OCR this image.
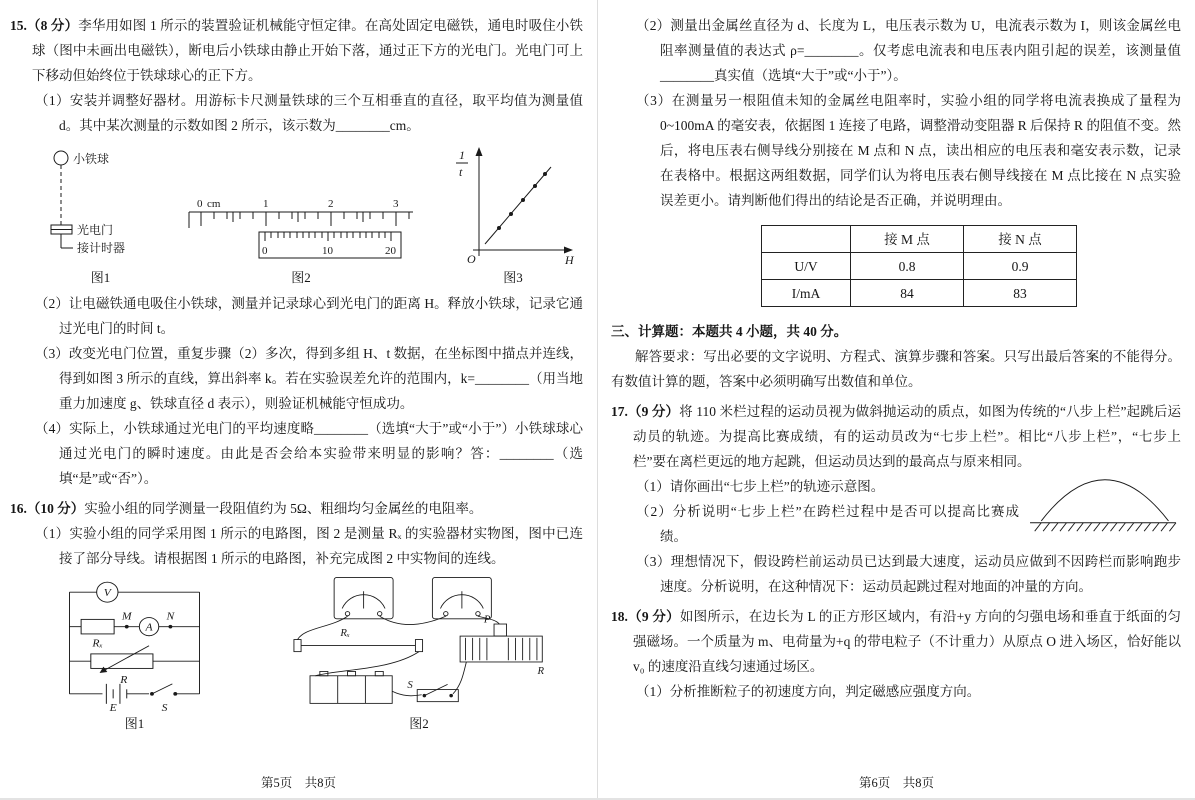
15.（8 分）李华用如图 1 所示的装置验证机械能守恒定律。在高处固定电磁铁，通电时吸住小铁球（图中未画出电磁铁），断电后小铁球由静止开始下落，通过正下方的光电门。光电门可上下移动但始终位于铁球球心的正下方。

（1）安装并调整好器材。用游标卡尺测量铁球的三个互相垂直的直径，取平均值为测量值 d。其中某次测量的示数如图 2 所示，该示数为________cm。

小铁球
光电门
接计时器
图1
0 cm	1	2	3
0	10	20
图2
1
t
H
O
图3

（2）让电磁铁通电吸住小铁球，测量并记录球心到光电门的距离 H。释放小铁球，记录它通过光电门的时间 t。

（3）改变光电门位置，重复步骤（2）多次，得到多组 H、t 数据，在坐标图中描点并连线，得到如图 3 所示的直线，算出斜率 k。若在实验误差允许的范围内，k=________（用当地重力加速度 g、铁球直径 d 表示），则验证机械能守恒成功。

（4）实际上，小铁球通过光电门的平均速度略________（选填“大于”或“小于”）小铁球球心通过光电门的瞬时速度。由此是否会给本实验带来明显的影响？答：________（选填“是”或“否”）。

16.（10 分）实验小组的同学测量一段阻值约为 5Ω、粗细均匀金属丝的电阻率。

（1）实验小组的同学采用图 1 所示的电路图，图 2 是测量 Rₓ 的实验器材实物图，图中已连接了部分导线。请根据图 1 所示的电路图，补充完成图 2 中实物间的连线。

V
Rₓ
M
A
N
R
E	S
图1
Rₓ
P
R
S
图2
第5页　共8页

（2）测量出金属丝直径为 d、长度为 L，电压表示数为 U，电流表示数为 I，则该金属丝电阻率测量值的表达式 ρ=________。仅考虑电流表和电压表内阻引起的误差，该测量值________真实值（选填“大于”或“小于”）。

（3）在测量另一根阻值未知的金属丝电阻率时，实验小组的同学将电流表换成了量程为 0~100mA 的毫安表，依据图 1 连接了电路，调整滑动变阻器 R 后保持 R 的阻值不变。然后，将电压表右侧导线分别接在 M 点和 N 点，读出相应的电压表和毫安表示数，记录在表格中。根据这两组数据，同学们认为将电压表右侧导线接在 M 点比接在 N 点实验误差更小。请判断他们得出的结论是否正确，并说明理由。

	接 M 点	接 N 点
U/V	0.8	0.9
I/mA	84	83

三、计算题：本题共 4 小题，共 40 分。

解答要求：写出必要的文字说明、方程式、演算步骤和答案。只写出最后答案的不能得分。有数值计算的题，答案中必须明确写出数值和单位。

17.（9 分）将 110 米栏过程的运动员视为做斜抛运动的质点，如图为传统的“八步上栏”起跳后运动员的轨迹。为提高比赛成绩，有的运动员改为“七步上栏”。相比“八步上栏”，“七步上栏”要在离栏更远的地方起跳，但运动员达到的最高点与原来相同。

（1）请你画出“七步上栏”的轨迹示意图。

（2）分析说明“七步上栏”在跨栏过程中是否可以提高比赛成绩。

（3）理想情况下，假设跨栏前运动员已达到最大速度，运动员应做到不因跨栏而影响跑步速度。分析说明，在这种情况下：运动员起跳过程对地面的冲量的方向。

18.（9 分）如图所示，在边长为 L 的正方形区域内，有沿+y 方向的匀强电场和垂直于纸面的匀强磁场。一个质量为 m、电荷量为+q 的带电粒子（不计重力）从原点 O 进入场区，恰好能以 v₀ 的速度沿直线匀速通过场区。

（1）分析推断粒子的初速度方向，判定磁感应强度方向。

第6页　共8页
